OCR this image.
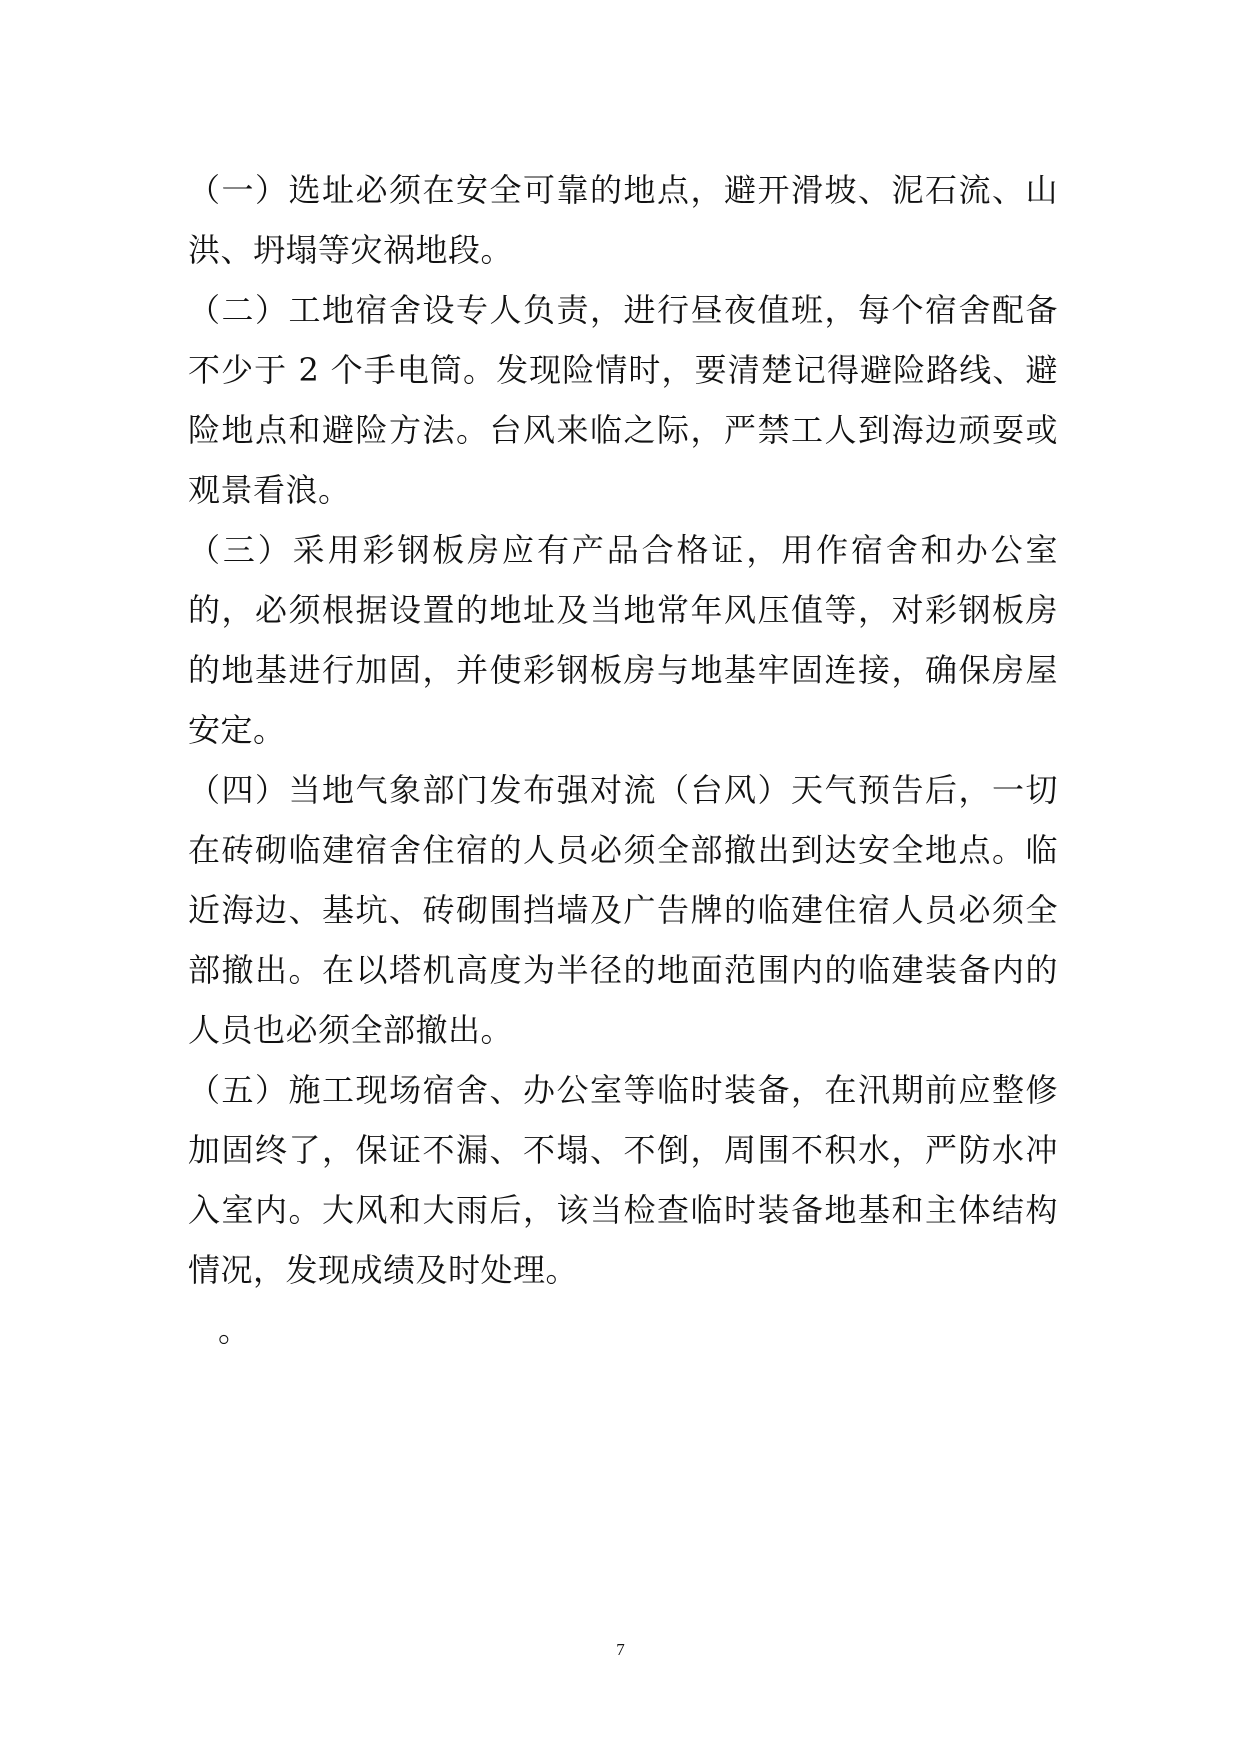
（一）选址必须在安全可靠的地点，避开滑坡、泥石流、山洪、坍塌等灾祸地段。

（二）工地宿舍设专人负责，进行昼夜值班，每个宿舍配备不少于 2 个手电筒。发现险情时，要清楚记得避险路线、避险地点和避险方法。台风来临之际，严禁工人到海边顽耍或观景看浪。

（三）采用彩钢板房应有产品合格证，用作宿舍和办公室的，必须根据设置的地址及当地常年风压值等，对彩钢板房的地基进行加固，并使彩钢板房与地基牢固连接，确保房屋安定。

（四）当地气象部门发布强对流（台风）天气预告后，一切在砖砌临建宿舍住宿的人员必须全部撤出到达安全地点。临近海边、基坑、砖砌围挡墙及广告牌的临建住宿人员必须全部撤出。在以塔机高度为半径的地面范围内的临建装备内的人员也必须全部撤出。

（五）施工现场宿舍、办公室等临时装备，在汛期前应整修加固终了，保证不漏、不塌、不倒，周围不积水，严防水冲入室内。大风和大雨后，该当检查临时装备地基和主体结构情况，发现成绩及时处理。

。

7
